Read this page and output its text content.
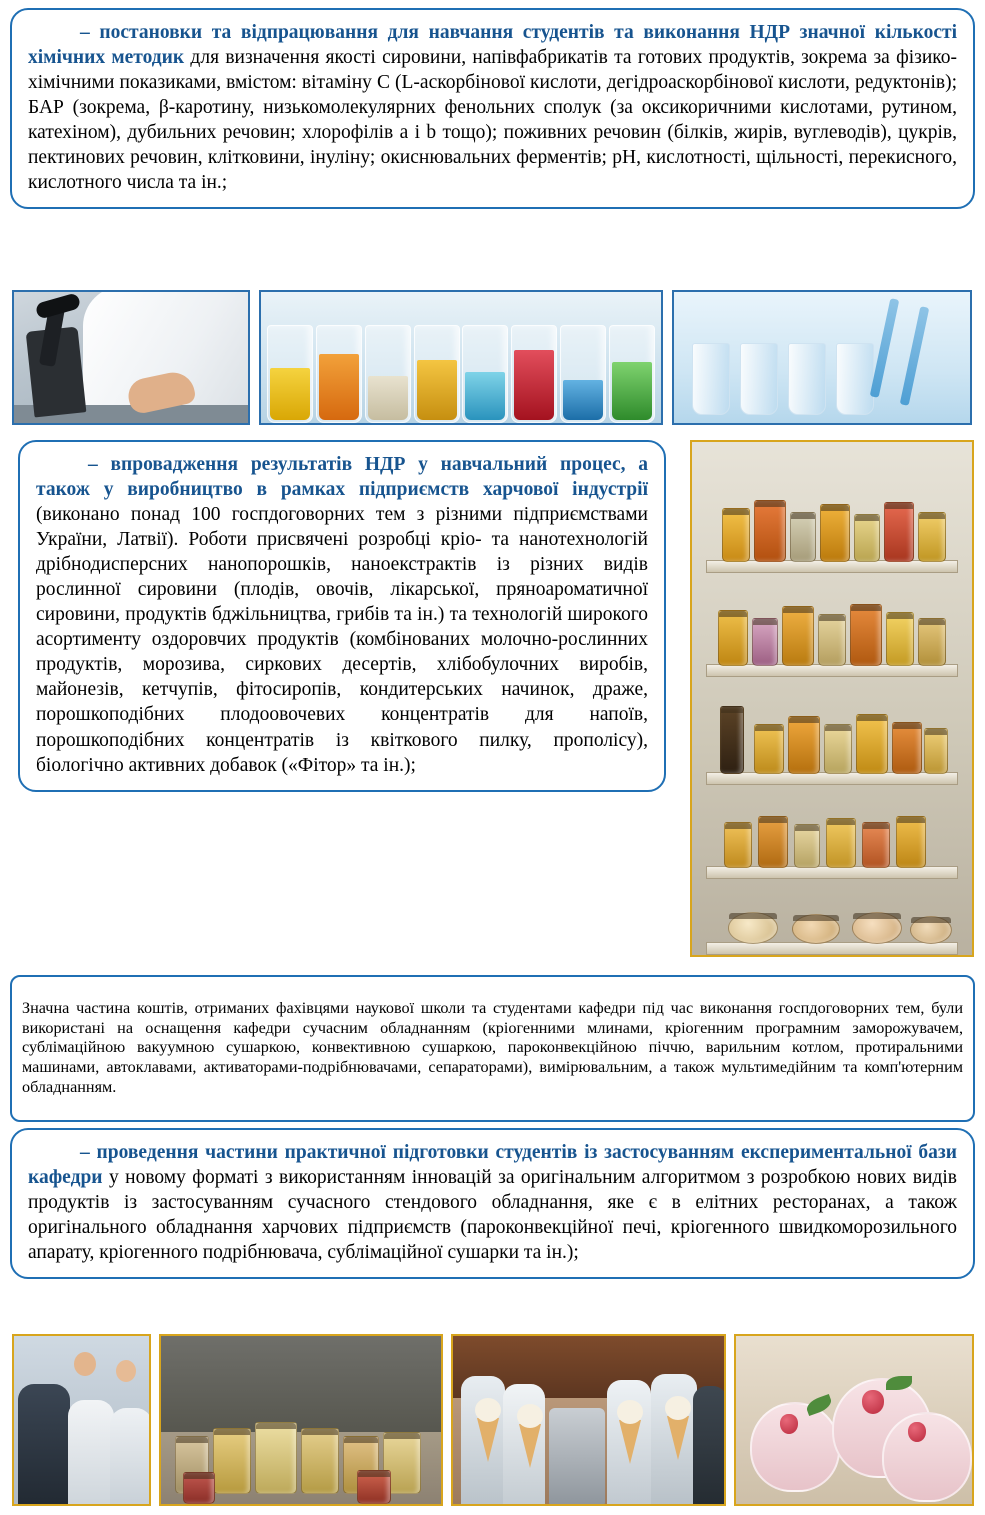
– постановки та відпрацювання для навчання студентів та виконання НДР значної кількості хімічних методик для визначення якості сировини, напівфабрикатів та готових продуктів, зокрема за фізико-хімічними показиками, вмістом: вітаміну C (L-аскорбінової кислоти, дегідроаскорбінової кислоти, редуктонів); БАР (зокрема, β-каротину, низькомолекулярних фенольних сполук (за оксикоричними кислотами, рутином, катехіном), дубильних речовин; хлорофілів a i b тощо); поживних речовин (білків, жирів, вуглеводів), цукрів, пектинових речовин, клітковини, інуліну; окиснювальних ферментів; pH, кислотності, щільності, перекисного, кислотного числа та ін.;

– впровадження результатів НДР у навчальний процес, а також у виробництво в рамках підприємств харчової індустрії (виконано понад 100 госпдоговорних тем з різними підприємствами України, Латвії). Роботи присвячені розробці кріо- та нанотехнологій дрібнодисперсних нанопорошків, наноекстрактів із різних видів рослинної сировини (плодів, овочів, лікарської, пряноароматичної сировини, продуктів бджільництва, грибів та ін.) та технологій широкого асортименту оздоровчих продуктів (комбінованих молочно-рослинних продуктів, морозива, сиркових десертів, хлібобулочних виробів, майонезів, кетчупів, фітосиропів, кондитерських начинок, драже, порошкоподібних плодоовочевих концентратів для напоїв, порошкоподібних концентратів із квіткового пилку, прополісу), біологічно активних добавок («Фітор» та ін.);

Значна частина коштів, отриманих фахівцями наукової школи та студентами кафедри під час виконання госпдоговорних тем, були використані на оснащення кафедри сучасним обладнанням (кріогенними млинами, кріогенним програмним заморожувачем, сублімаційною вакуумною сушаркою, конвективною сушаркою, пароконвекційною піччю, варильним котлом, протиральними машинами, автоклавами, активаторами-подрібнювачами, сепараторами), вимірювальним, а також мультимедійним та комп'ютерним обладнанням.

– проведення частини практичної підготовки студентів із застосуванням експериментальної бази кафедри у новому форматі з використанням інновацій за оригінальним алгоритмом з розробкою нових видів продуктів із застосуванням сучасного стендового обладнання, яке є в елітних ресторанах, а також оригінального обладнання харчових підприємств (пароконвекційної печі, кріогенного швидкоморозильного апарату, кріогенного подрібнювача, сублімаційної сушарки та ін.);
